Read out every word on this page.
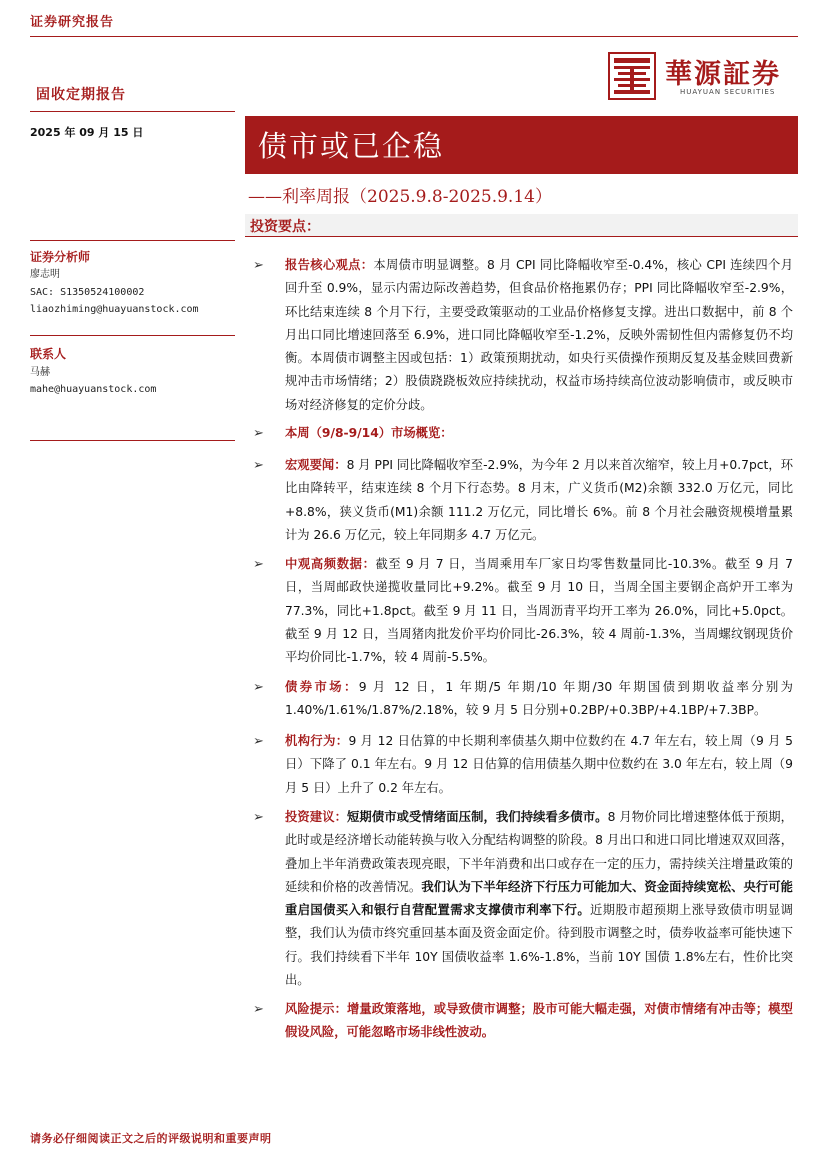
证券研究报告
華源証券
HUAYUAN SECURITIES
固收定期报告
2025 年 09 月 15 日	债市或已企稳
——利率周报（2025.9.8-2025.9.14）
投资要点：
证券分析师
廖志明
SAC: S1350524100002
liaozhiming@huayuanstock.com
联系人
马赫
mahe@huayuanstock.com
➢ 报告核心观点：本周债市明显调整。8 月 CPI 同比降幅收窄至-0.4%，核心 CPI 连续四个月回升至 0.9%，显示内需边际改善趋势，但食品价格拖累仍存；PPI 同比降幅收窄至-2.9%，环比结束连续 8 个月下行，主要受政策驱动的工业品价格修复支撑。进出口数据中，前 8 个月出口同比增速回落至 6.9%，进口同比降幅收窄至-1.2%，反映外需韧性但内需修复仍不均衡。本周债市调整主因或包括：1）政策预期扰动，如央行买债操作预期反复及基金赎回费新规冲击市场情绪；2）股债跷跷板效应持续扰动，权益市场持续高位波动影响债市，或反映市场对经济修复的定价分歧。
➢ 本周（9/8-9/14）市场概览：
➢ 宏观要闻：8 月 PPI 同比降幅收窄至-2.9%，为今年 2 月以来首次缩窄，较上月+0.7pct，环比由降转平，结束连续 8 个月下行态势。8 月末，广义货币(M2)余额 332.0 万亿元，同比+8.8%，狭义货币(M1)余额 111.2 万亿元，同比增长 6%。前 8 个月社会融资规模增量累计为 26.6 万亿元，较上年同期多 4.7 万亿元。
➢ 中观高频数据：截至 9 月 7 日，当周乘用车厂家日均零售数量同比-10.3%。截至 9 月 7 日，当周邮政快递揽收量同比+9.2%。截至 9 月 10 日，当周全国主要钢企高炉开工率为 77.3%，同比+1.8pct。截至 9 月 11 日，当周沥青平均开工率为 26.0%，同比+5.0pct。截至 9 月 12 日，当周猪肉批发价平均价同比-26.3%，较 4 周前-1.3%，当周螺纹钢现货价平均价同比-1.7%，较 4 周前-5.5%。
➢ 债券市场：9 月 12 日，1 年期/5 年期/10 年期/30 年期国债到期收益率分别为 1.40%/1.61%/1.87%/2.18%，较 9 月 5 日分别+0.2BP/+0.3BP/+4.1BP/+7.3BP。
➢ 机构行为：9 月 12 日估算的中长期利率债基久期中位数约在 4.7 年左右，较上周（9 月 5 日）下降了 0.1 年左右。9 月 12 日估算的信用债基久期中位数约在 3.0 年左右，较上周（9 月 5 日）上升了 0.2 年左右。
➢ 投资建议：短期债市或受情绪面压制，我们持续看多债市。8 月物价同比增速整体低于预期，此时或是经济增长动能转换与收入分配结构调整的阶段。8 月出口和进口同比增速双双回落，叠加上半年消费政策表现亮眼，下半年消费和出口或存在一定的压力，需持续关注增量政策的延续和价格的改善情况。我们认为下半年经济下行压力可能加大、资金面持续宽松、央行可能重启国债买入和银行自营配置需求支撑债市利率下行。近期股市超预期上涨导致债市明显调整，我们认为债市终究重回基本面及资金面定价。待到股市调整之时，债券收益率可能快速下行。我们持续看下半年 10Y 国债收益率 1.6%-1.8%，当前 10Y 国债 1.8%左右，性价比突出。
➢ 风险提示：增量政策落地，或导致债市调整；股市可能大幅走强，对债市情绪有冲击等；模型假设风险，可能忽略市场非线性波动。
请务必仔细阅读正文之后的评级说明和重要声明
